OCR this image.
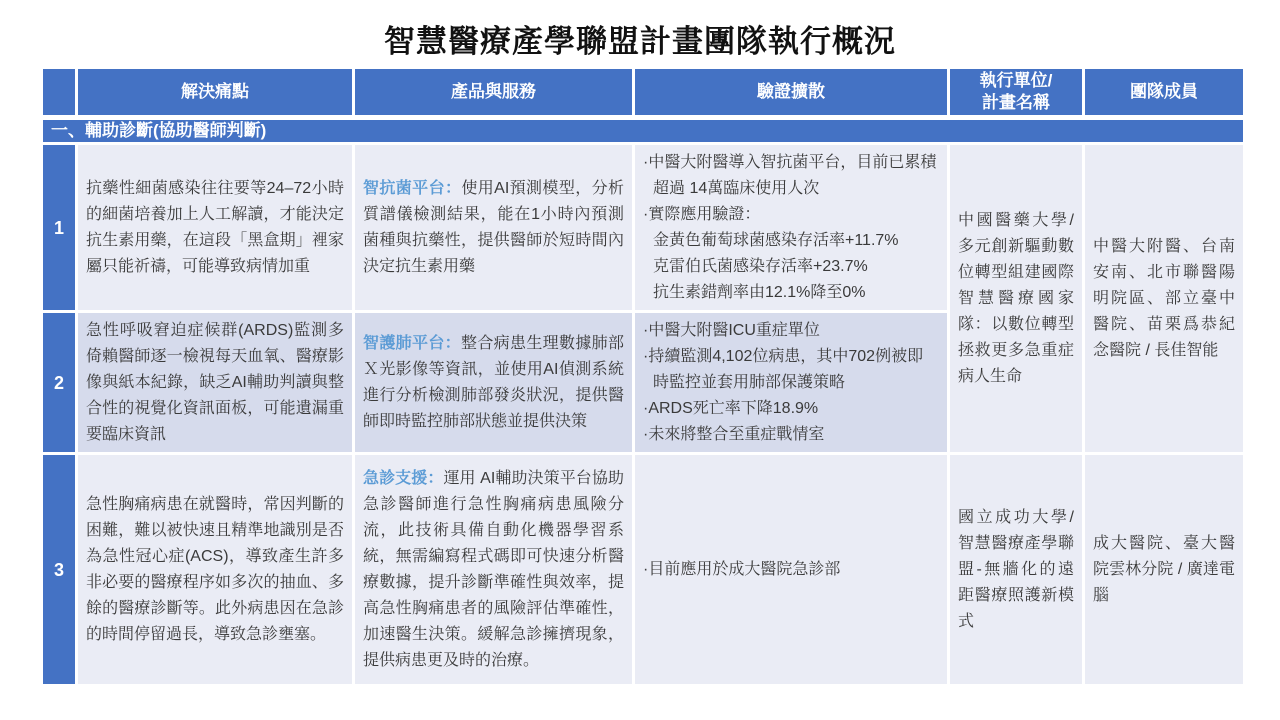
智慧醫療產學聯盟計畫團隊執行概況
	解決痛點	產品與服務	驗證擴散	執行單位/
計畫名稱	團隊成員
一、輔助診斷(協助醫師判斷)					
1	抗藥性細菌感染往往要等24–72小時的細菌培養加上人工解讀，才能決定抗生素用藥，在這段「黑盒期」裡家屬只能祈禱，可能導致病情加重	智抗菌平台：使用AI預測模型，分析質譜儀檢測結果，能在1小時內預測菌種與抗藥性，提供醫師於短時間內決定抗生素用藥	·中醫大附醫導入智抗菌平台，目前已累積超過 14萬臨床使用人次
·實際應用驗證：
金黃色葡萄球菌感染存活率+11.7%
克雷伯氏菌感染存活率+23.7%
抗生素錯劑率由12.1%降至0%	中國醫藥大學/多元創新驅動數位轉型組建國際智慧醫療國家隊：以數位轉型拯救更多急重症病人生命	中醫大附醫、台南安南、北市聯醫陽明院區、部立臺中醫院、苗栗爲恭紀念醫院 / 長佳智能

2	急性呼吸窘迫症候群(ARDS)監測多倚賴醫師逐一檢視每天血氧、醫療影像與紙本紀錄，缺乏AI輔助判讀與整合性的視覺化資訊面板，可能遺漏重要臨床資訊	智護肺平台：整合病患生理數據肺部Ｘ光影像等資訊，並使用AI偵測系統進行分析檢測肺部發炎狀況，提供醫師即時監控肺部狀態並提供決策	·中醫大附醫ICU重症單位
·持續監測4,102位病患，其中702例被即時監控並套用肺部保護策略
·ARDS死亡率下降18.9%
·未來將整合至重症戰情室		

3	急性胸痛病患在就醫時，常因判斷的困難，難以被快速且精準地識別是否為急性冠心症(ACS)，導致產生許多非必要的醫療程序如多次的抽血、多餘的醫療診斷等。此外病患因在急診的時間停留過長，導致急診壅塞。	急診支援：運用 AI輔助決策平台協助急診醫師進行急性胸痛病患風險分流，此技術具備自動化機器學習系統，無需編寫程式碼即可快速分析醫療數據，提升診斷準確性與效率，提高急性胸痛患者的風險評估準確性，加速醫生決策。緩解急診擁擠現象，提供病患更及時的治療。	·目前應用於成大醫院急診部	國立成功大學/智慧醫療產學聯盟-無牆化的遠距醫療照護新模式	成大醫院、臺大醫院雲林分院 / 廣達電腦
